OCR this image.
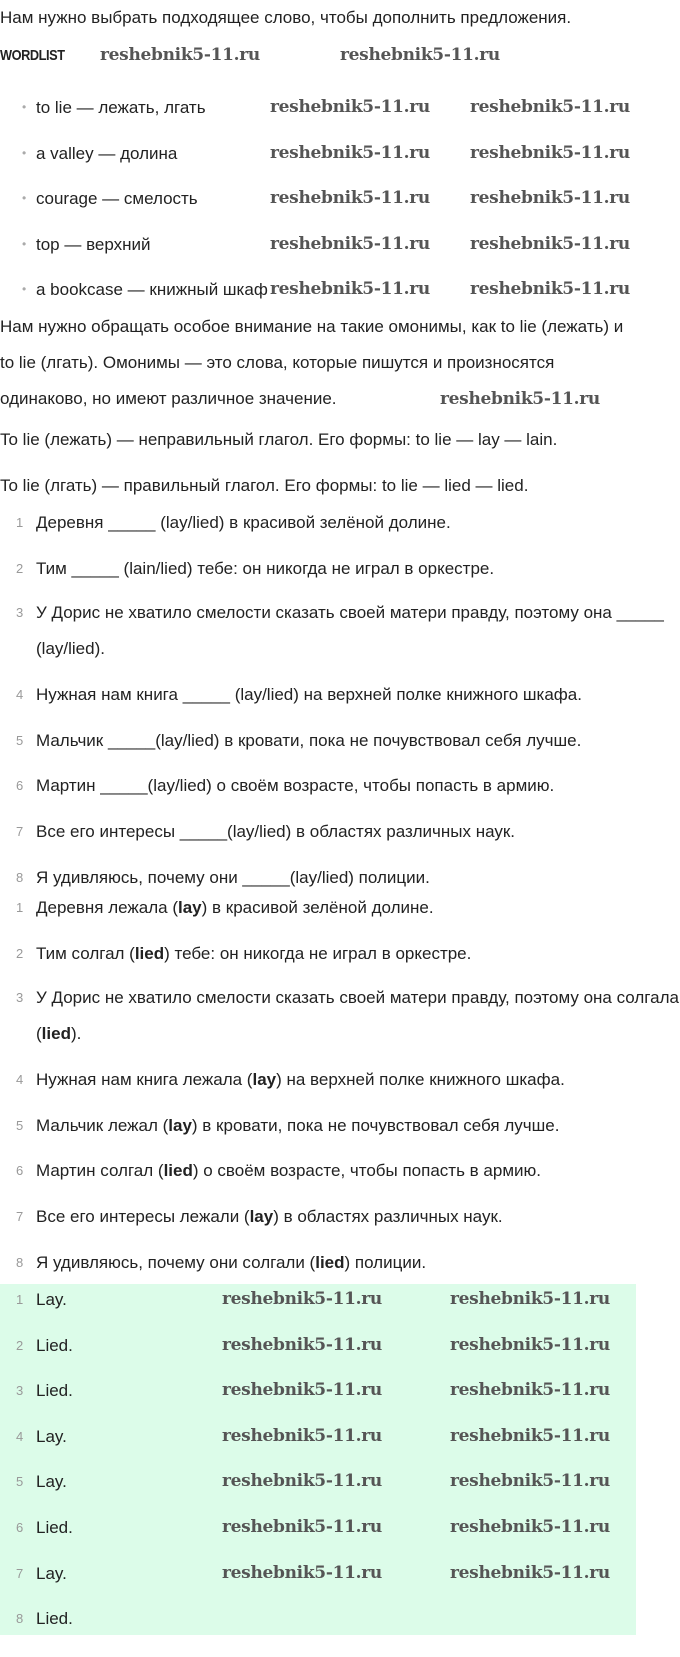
Нам нужно выбрать подходящее слово, чтобы дополнить предложения.
WORDLIST
• to lie — лежать, лгать
• a valley — долина
• courage — смелость
• top — верхний
• a bookcase — книжный шкаф
Нам нужно обращать особое внимание на такие омонимы, как to lie (лежать) и
to lie (лгать). Омонимы — это слова, которые пишутся и произносятся
одинаково, но имеют различное значение.
To lie (лежать) — неправильный глагол. Его формы: to lie — lay — lain.
To lie (лгать) — правильный глагол. Его формы: to lie — lied — lied.
1 Деревня _____ (lay/lied) в красивой зелёной долине.
2 Тим _____ (lain/lied) тебе: он никогда не играл в оркестре.
3 У Дорис не хватило смелости сказать своей матери правду, поэтому она _____ (lay/lied).
4 Нужная нам книга _____ (lay/lied) на верхней полке книжного шкафа.
5 Мальчик _____(lay/lied) в кровати, пока не почувствовал себя лучше.
6 Мартин _____(lay/lied) о своём возрасте, чтобы попасть в армию.
7 Все его интересы _____(lay/lied) в областях различных наук.
8 Я удивляюсь, почему они _____(lay/lied) полиции.
1 Деревня лежала (lay) в красивой зелёной долине.
2 Тим солгал (lied) тебе: он никогда не играл в оркестре.
3 У Дорис не хватило смелости сказать своей матери правду, поэтому она солгала (lied).
4 Нужная нам книга лежала (lay) на верхней полке книжного шкафа.
5 Мальчик лежал (lay) в кровати, пока не почувствовал себя лучше.
6 Мартин солгал (lied) о своём возрасте, чтобы попасть в армию.
7 Все его интересы лежали (lay) в областях различных наук.
8 Я удивляюсь, почему они солгали (lied) полиции.
1 Lay.
2 Lied.
3 Lied.
4 Lay.
5 Lay.
6 Lied.
7 Lay.
8 Lied.
reshebnik5-11.ru	reshebnik5-11.ru
reshebnik5-11.ru reshebnik5-11.ru
reshebnik5-11.ru reshebnik5-11.ru
reshebnik5-11.ru reshebnik5-11.ru
reshebnik5-11.ru reshebnik5-11.ru
reshebnik5-11.ru reshebnik5-11.ru
reshebnik5-11.ru
reshebnik5-11.ru	reshebnik5-11.ru
reshebnik5-11.ru	reshebnik5-11.ru
reshebnik5-11.ru	reshebnik5-11.ru
reshebnik5-11.ru	reshebnik5-11.ru
reshebnik5-11.ru	reshebnik5-11.ru
reshebnik5-11.ru	reshebnik5-11.ru
reshebnik5-11.ru	reshebnik5-11.ru
